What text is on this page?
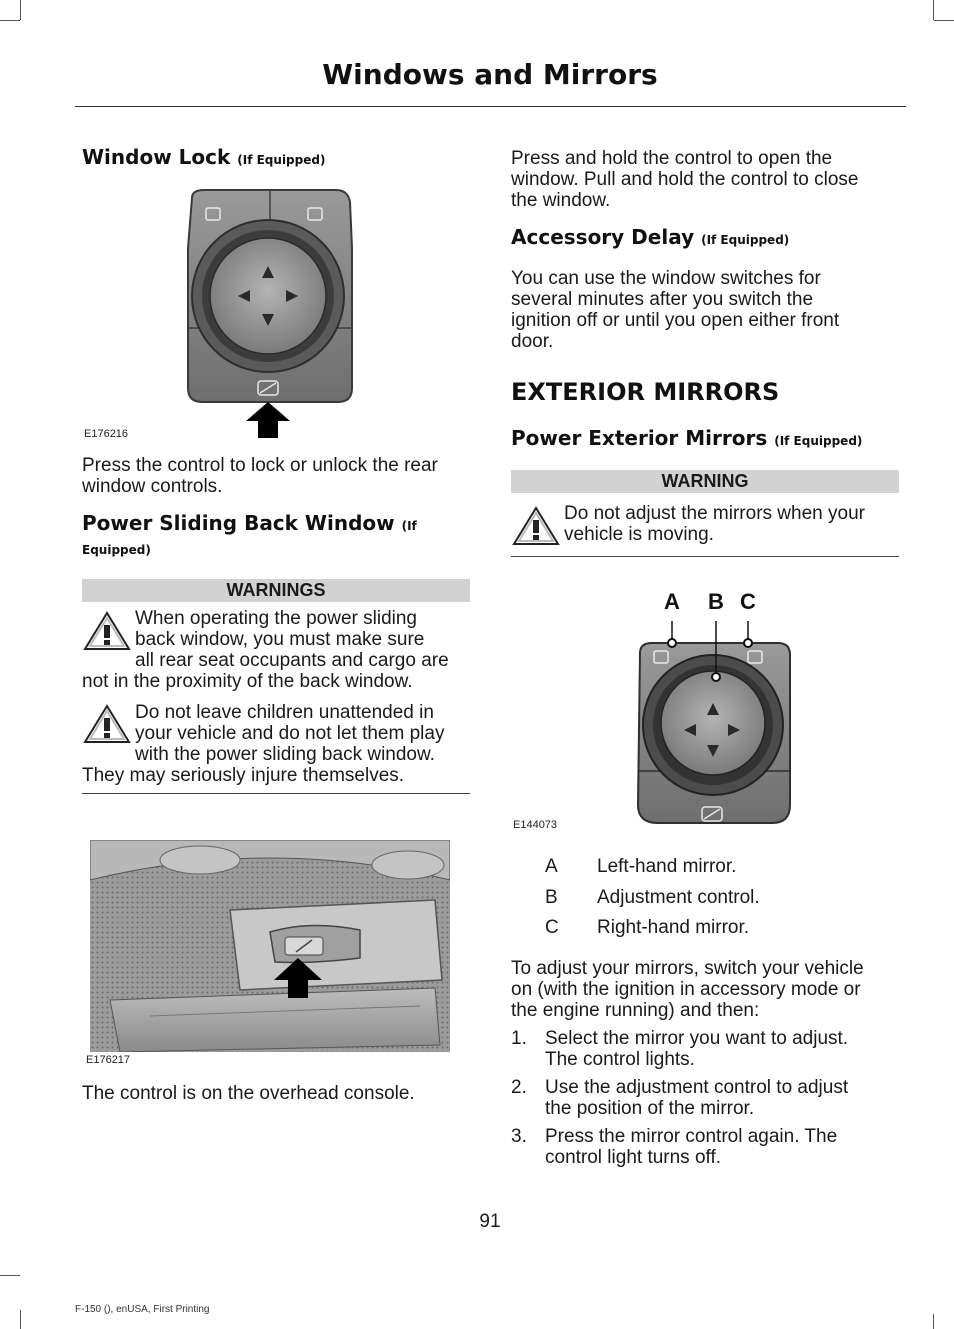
Windows and Mirrors
Window Lock (If Equipped)
E176216
Press the control to lock or unlock the rear window controls.
Power Sliding Back Window (If
Equipped)
WARNINGS
When operating the power sliding
back window, you must make sure
all rear seat occupants and cargo are
not in the proximity of the back window.
Do not leave children unattended in
your vehicle and do not let them play
with the power sliding back window.
They may seriously injure themselves.
E176217
The control is on the overhead console.
Press and hold the control to open the
window. Pull and hold the control to close
the window.
Accessory Delay (If Equipped)
You can use the window switches for
several minutes after you switch the
ignition off or until you open either front
door.
EXTERIOR MIRRORS
Power Exterior Mirrors (If Equipped)
WARNING
Do not adjust the mirrors when your
vehicle is moving.
A B C
E144073
A Left-hand mirror.
B Adjustment control.
C Right-hand mirror.
To adjust your mirrors, switch your vehicle
on (with the ignition in accessory mode or
the engine running) and then:
1. Select the mirror you want to adjust.
The control lights.
2. Use the adjustment control to adjust
the position of the mirror.
3. Press the mirror control again. The
control light turns off.
91
F-150 (), enUSA, First Printing
